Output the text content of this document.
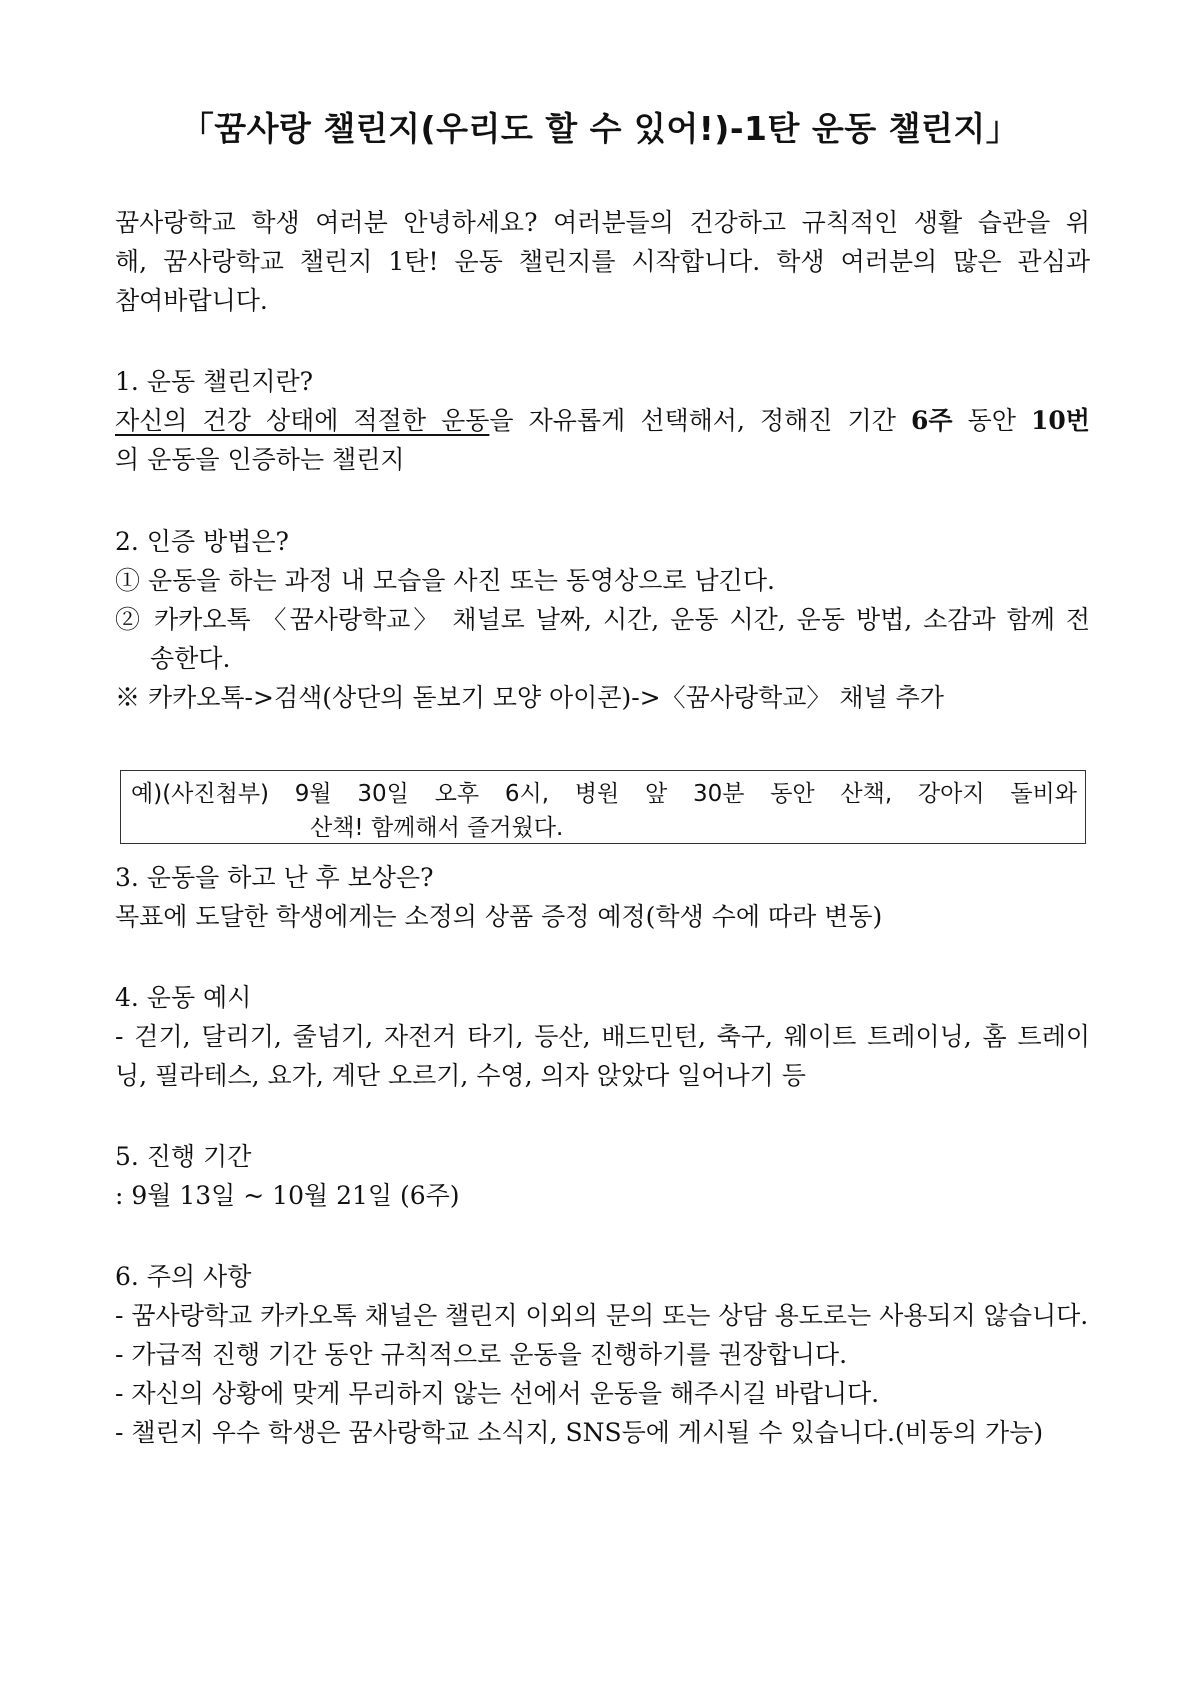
「꿈사랑 챌린지(우리도 할 수 있어!)-1탄 운동 챌린지」

꿈사랑학교 학생 여러분 안녕하세요? 여러분들의 건강하고 규칙적인 생활 습관을 위

해, 꿈사랑학교 챌린지 1탄! 운동 챌린지를 시작합니다. 학생 여러분의 많은 관심과

참여바랍니다.

1. 운동 챌린지란?

자신의 건강 상태에 적절한 운동을 자유롭게 선택해서, 정해진 기간 6주 동안 10번

의 운동을 인증하는 챌린지

2. 인증 방법은?

① 운동을 하는 과정 내 모습을 사진 또는 동영상으로 남긴다.

② 카카오톡 〈꿈사랑학교〉 채널로 날짜, 시간, 운동 시간, 운동 방법, 소감과 함께 전

송한다.

※ 카카오톡->검색(상단의 돋보기 모양 아이콘)->〈꿈사랑학교〉 채널 추가

예)(사진첨부) 9월 30일 오후 6시, 병원 앞 30분 동안 산책, 강아지 돌비와
산책! 함께해서 즐거웠다.

3. 운동을 하고 난 후 보상은?

목표에 도달한 학생에게는 소정의 상품 증정 예정(학생 수에 따라 변동)

4. 운동 예시

- 걷기, 달리기, 줄넘기, 자전거 타기, 등산, 배드민턴, 축구, 웨이트 트레이닝, 홈 트레이

닝, 필라테스, 요가, 계단 오르기, 수영, 의자 앉았다 일어나기 등

5. 진행 기간

: 9월 13일 ~ 10월 21일 (6주)

6. 주의 사항

- 꿈사랑학교 카카오톡 채널은 챌린지 이외의 문의 또는 상담 용도로는 사용되지 않습니다.

- 가급적 진행 기간 동안 규칙적으로 운동을 진행하기를 권장합니다.

- 자신의 상황에 맞게 무리하지 않는 선에서 운동을 해주시길 바랍니다.

- 챌린지 우수 학생은 꿈사랑학교 소식지, SNS등에 게시될 수 있습니다.(비동의 가능)
